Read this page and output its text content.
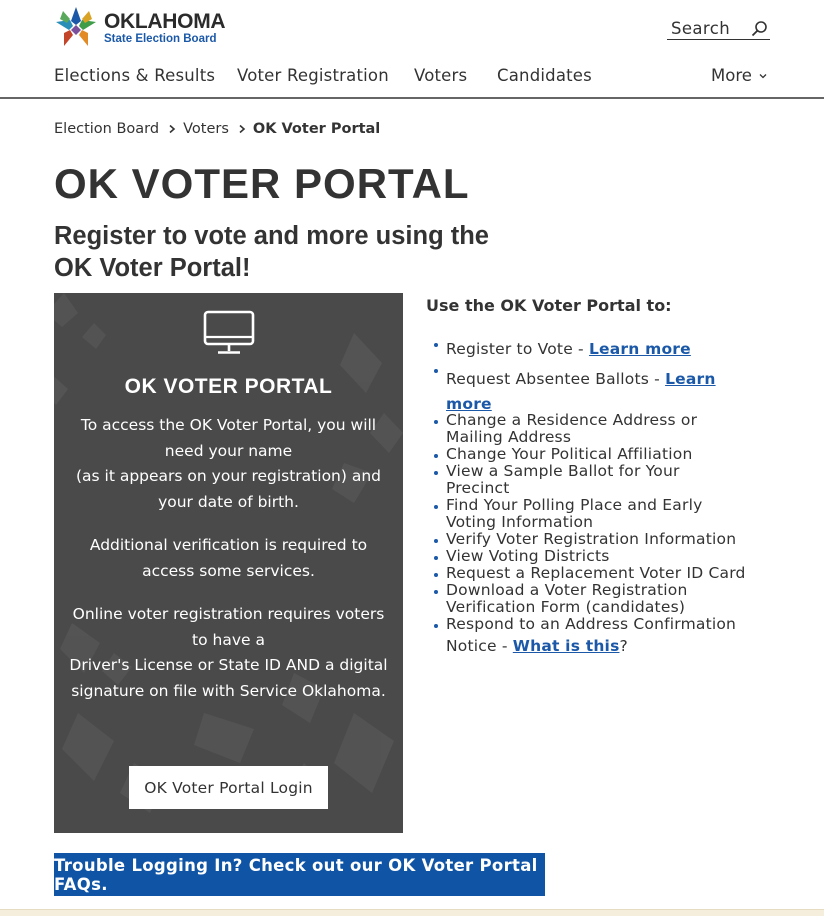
OKLAHOMA
State Election Board
Search
Elections & Results Voter Registration Voters Candidates	More
Election Board Voters OK Voter Portal
OK VOTER PORTAL
Register to vote and more using the
OK Voter Portal!
OK VOTER PORTAL
To access the OK Voter Portal, you will
need your name
(as it appears on your registration) and
your date of birth.
Additional verification is required to
access some services.
Online voter registration requires voters
to have a
Driver's License or State ID AND a digital
signature on file with Service Oklahoma.
OK Voter Portal Login
Use the OK Voter Portal to:
Register to Vote - Learn more
Request Absentee Ballots - Learn
more
Change a Residence Address or
Mailing Address
Change Your Political Affiliation
View a Sample Ballot for Your
Precinct
Find Your Polling Place and Early
Voting Information
Verify Voter Registration Information
View Voting Districts
Request a Replacement Voter ID Card
Download a Voter Registration
Verification Form (candidates)
Respond to an Address Confirmation
Notice - What is this?
Trouble Logging In? Check out our OK Voter Portal FAQs.
